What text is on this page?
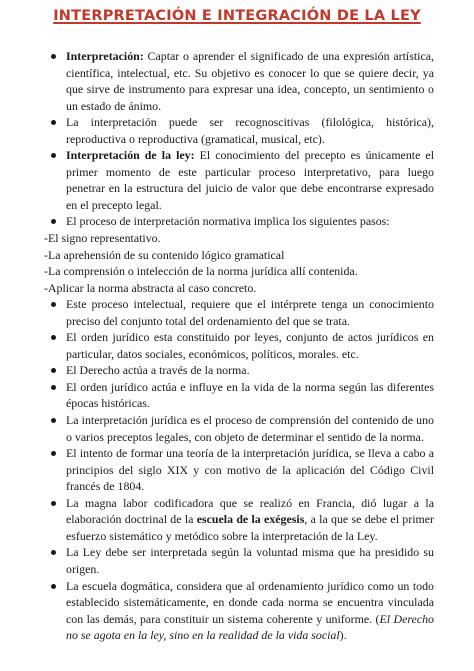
INTERPRETACIÓN E INTEGRACIÓN DE LA LEY

Interpretación: Captar o aprender el significado de una expresión artística, científica, intelectual, etc. Su objetivo es conocer lo que se quiere decir, ya que sirve de instrumento para expresar una idea, concepto, un sentimiento o un estado de ánimo.

La interpretación puede ser recognoscitivas (filológica, histórica), reproductiva o reproductiva (gramatical, musical, etc).

Interpretación de la ley: El conocimiento del precepto es únicamente el primer momento de este particular proceso interpretativo, para luego penetrar en la estructura del juicio de valor que debe encontrarse expresado en el precepto legal.

El proceso de interpretación normativa implica los siguientes pasos:

-El signo representativo.

-La aprehensión de su contenido lógico gramatical

-La comprensión o intelección de la norma jurídica allí contenida.

-Aplicar la norma abstracta al caso concreto.

Este proceso intelectual, requiere que el intérprete tenga un conocimiento preciso del conjunto total del ordenamiento del que se trata.

El orden jurídico esta constituido por leyes, conjunto de actos jurídicos en particular, datos sociales, económicos, políticos, morales. etc.

El Derecho actúa a través de la norma.

El orden jurídico actúa e influye en la vida de la norma según las diferentes épocas históricas.

La interpretación jurídica es el proceso de comprensión del contenido de uno o varios preceptos legales, con objeto de determinar el sentido de la norma.

El intento de formar una teoría de la interpretación jurídica, se lleva a cabo a principios del siglo XIX y con motivo de la aplicación del Código Civil francés de 1804.

La magna labor codificadora que se realizó en Francia, dió lugar a la elaboración doctrinal de la escuela de la exégesis, a la que se debe el primer esfuerzo sistemático y metódico sobre la interpretación de la Ley.

La Ley debe ser interpretada según la voluntad misma que ha presidido su origen.

La escuela dogmática, considera que al ordenamiento jurídico como un todo establecido sistemáticamente, en donde cada norma se encuentra vinculada con las demás, para constituir un sistema coherente y uniforme. (El Derecho no se agota en la ley, sino en la realidad de la vida social).
